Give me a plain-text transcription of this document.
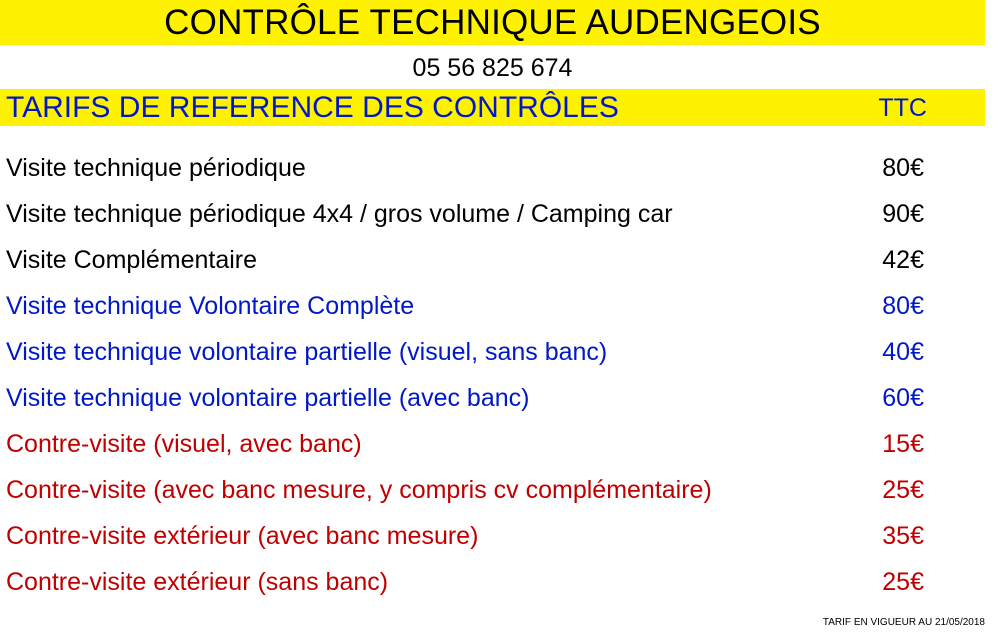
CONTRÔLE TECHNIQUE AUDENGEOIS
05 56 825 674
TARIFS DE REFERENCE DES CONTRÔLES	TTC
Visite technique périodique	80€
Visite technique périodique 4x4 / gros volume / Camping car	90€
Visite Complémentaire	42€
Visite technique Volontaire Complète	80€
Visite technique volontaire partielle (visuel, sans banc)	40€
Visite technique volontaire partielle (avec banc)	60€
Contre-visite (visuel, avec banc)	15€
Contre-visite (avec banc mesure, y compris cv complémentaire)	25€
Contre-visite extérieur (avec banc mesure)	35€
Contre-visite extérieur (sans banc)	25€
TARIF EN VIGUEUR AU 21/05/2018
